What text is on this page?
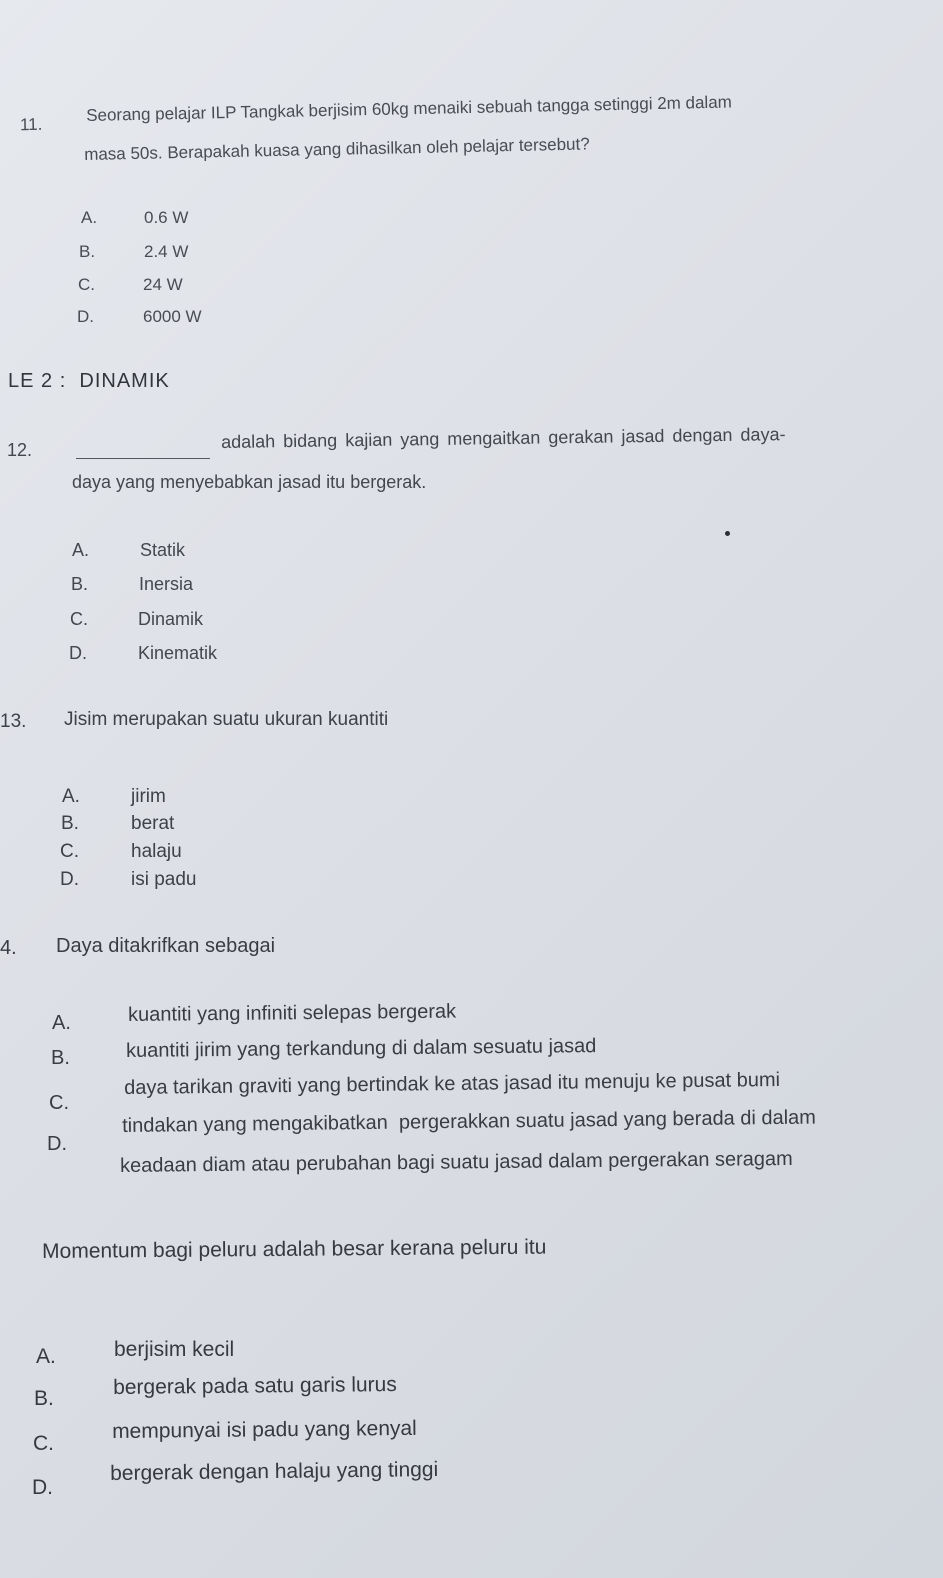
11.	Seorang pelajar ILP Tangkak berjisim 60kg menaiki sebuah tangga setinggi 2m dalam
masa 50s. Berapakah kuasa yang dihasilkan oleh pelajar tersebut?
A.	0.6 W
B.	2.4 W
C.	24 W
D.	6000 W
LE 2 :  DINAMIK
12.	adalah bidang kajian yang mengaitkan gerakan jasad dengan daya-
daya yang menyebabkan jasad itu bergerak.
A.	Statik
B.	Inersia
C.	Dinamik
D.	Kinematik
13. Jisim merupakan suatu ukuran kuantiti
A.	jirim
B.	berat
C.	halaju
D.	isi padu
4. Daya ditakrifkan sebagai
A.	kuantiti yang infiniti selepas bergerak
B.	kuantiti jirim yang terkandung di dalam sesuatu jasad
C.
daya tarikan graviti yang bertindak ke atas jasad itu menuju ke pusat bumi
D.
tindakan yang mengakibatkan  pergerakkan suatu jasad yang berada di dalam
keadaan diam atau perubahan bagi suatu jasad dalam pergerakan seragam
Momentum bagi peluru adalah besar kerana peluru itu
A.	berjisim kecil
B.	bergerak pada satu garis lurus
C.
mempunyai isi padu yang kenyal
D.
bergerak dengan halaju yang tinggi
